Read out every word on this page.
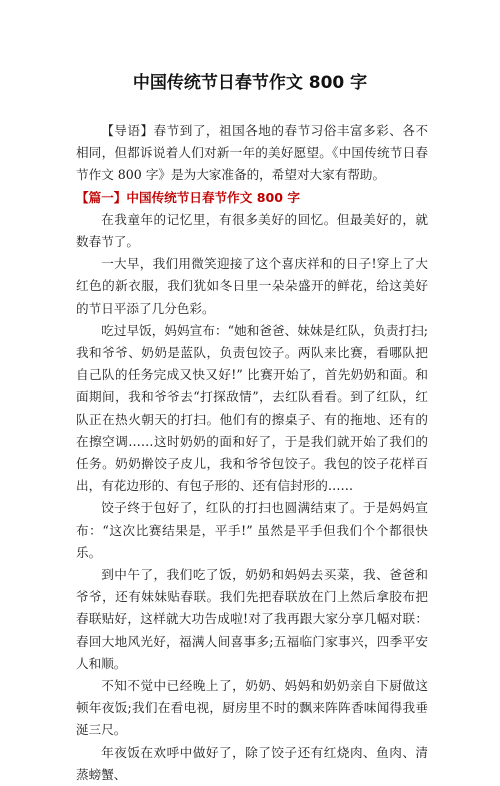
中国传统节日春节作文 800 字

【导语】春节到了，祖国各地的春节习俗丰富多彩、各不相同，但都诉说着人们对新一年的美好愿望。《中国传统节日春节作文 800 字》是为大家准备的，希望对大家有帮助。

【篇一】中国传统节日春节作文 800 字

在我童年的记忆里，有很多美好的回忆。但最美好的，就数春节了。

一大早，我们用微笑迎接了这个喜庆祥和的日子!穿上了大红色的新衣服，我们犹如冬日里一朵朵盛开的鲜花，给这美好的节日平添了几分色彩。

吃过早饭，妈妈宣布：“她和爸爸、妹妹是红队，负责打扫;我和爷爷、奶奶是蓝队，负责包饺子。两队来比赛，看哪队把自己队的任务完成又快又好!” 比赛开始了，首先奶奶和面。和面期间，我和爷爷去“打探敌情”，去红队看看。到了红队，红队正在热火朝天的打扫。他们有的擦桌子、有的拖地、还有的在擦空调……这时奶奶的面和好了，于是我们就开始了我们的任务。奶奶擀饺子皮儿，我和爷爷包饺子。我包的饺子花样百出，有花边形的、有包子形的、还有信封形的……

饺子终于包好了，红队的打扫也圆满结束了。于是妈妈宣布：“这次比赛结果是，平手!” 虽然是平手但我们个个都很快乐。

到中午了，我们吃了饭，奶奶和妈妈去买菜，我、爸爸和爷爷，还有妹妹贴春联。我们先把春联放在门上然后拿胶布把春联贴好，这样就大功告成啦!对了我再跟大家分享几幅对联：春回大地风光好，福满人间喜事多;五福临门家事兴，四季平安人和顺。

不知不觉中已经晚上了，奶奶、妈妈和奶奶亲自下厨做这顿年夜饭;我们在看电视，厨房里不时的飘来阵阵香味闻得我垂涎三尺。

年夜饭在欢呼中做好了，除了饺子还有红烧肉、鱼肉、清蒸螃蟹、
